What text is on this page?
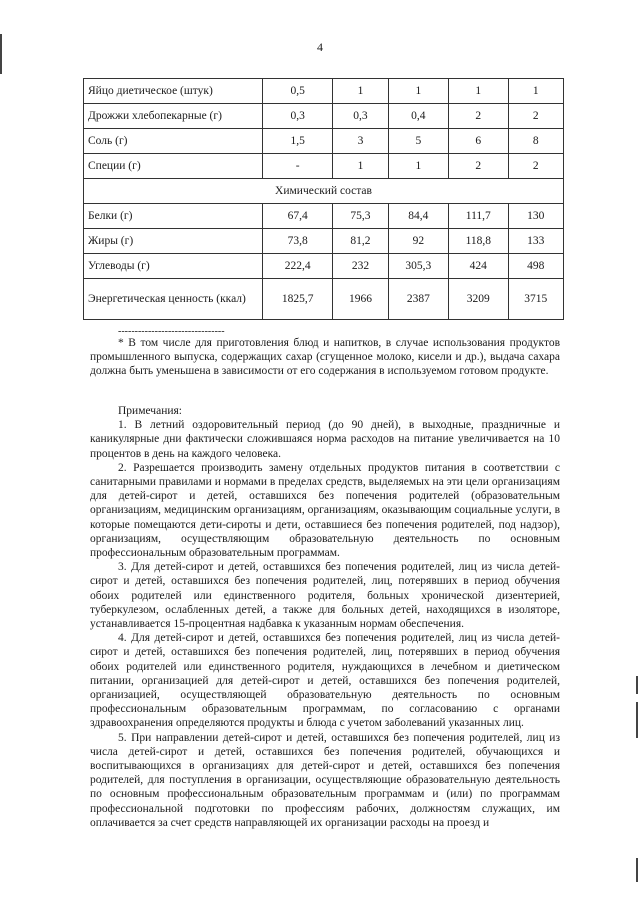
4
Яйцо диетическое (штук)	0,5	1	1	1	1
Дрожжи хлебопекарные (г)	0,3	0,3	0,4	2	2
Соль (г)	1,5	3	5	6	8
Специи (г)	-	1	1	2	2
Химический состав					
Белки (г)	67,4	75,3	84,4	111,7	130
Жиры (г)	73,8	81,2	92	118,8	133
Углеводы (г)	222,4	232	305,3	424	498
Энергетическая ценность (ккал)	1825,7	1966	2387	3209	3715
--------------------------------

* В том числе для приготовления блюд и напитков, в случае использования продуктов промышленного выпуска, содержащих сахар (сгущенное молоко, кисели и др.), выдача сахара должна быть уменьшена в зависимости от его содержания в используемом готовом продукте.

Примечания:

1. В летний оздоровительный период (до 90 дней), в выходные, праздничные и каникулярные дни фактически сложившаяся норма расходов на питание увеличивается на 10 процентов в день на каждого человека.

2. Разрешается производить замену отдельных продуктов питания в соответствии с санитарными правилами и нормами в пределах средств, выделяемых на эти цели организациям для детей-сирот и детей, оставшихся без попечения родителей (образовательным организациям, медицинским организациям, организациям, оказывающим социальные услуги, в которые помещаются дети-сироты и дети, оставшиеся без попечения родителей, под надзор), организациям, осуществляющим образовательную деятельность по основным профессиональным образовательным программам.

3. Для детей-сирот и детей, оставшихся без попечения родителей, лиц из числа детей-сирот и детей, оставшихся без попечения родителей, лиц, потерявших в период обучения обоих родителей или единственного родителя, больных хронической дизентерией, туберкулезом, ослабленных детей, а также для больных детей, находящихся в изоляторе, устанавливается 15-процентная надбавка к указанным нормам обеспечения.

4. Для детей-сирот и детей, оставшихся без попечения родителей, лиц из числа детей-сирот и детей, оставшихся без попечения родителей, лиц, потерявших в период обучения обоих родителей или единственного родителя, нуждающихся в лечебном и диетическом питании, организацией для детей-сирот и детей, оставшихся без попечения родителей, организацией, осуществляющей образовательную деятельность по основным профессиональным образовательным программам, по согласованию с органами здравоохранения определяются продукты и блюда с учетом заболеваний указанных лиц.

5. При направлении детей-сирот и детей, оставшихся без попечения родителей, лиц из числа детей-сирот и детей, оставшихся без попечения родителей, обучающихся и воспитывающихся в организациях для детей-сирот и детей, оставшихся без попечения родителей, для поступления в организации, осуществляющие образовательную деятельность по основным профессиональным образовательным программам и (или) по программам профессиональной подготовки по профессиям рабочих, должностям служащих, им оплачивается за счет средств направляющей их организации расходы на проезд и
